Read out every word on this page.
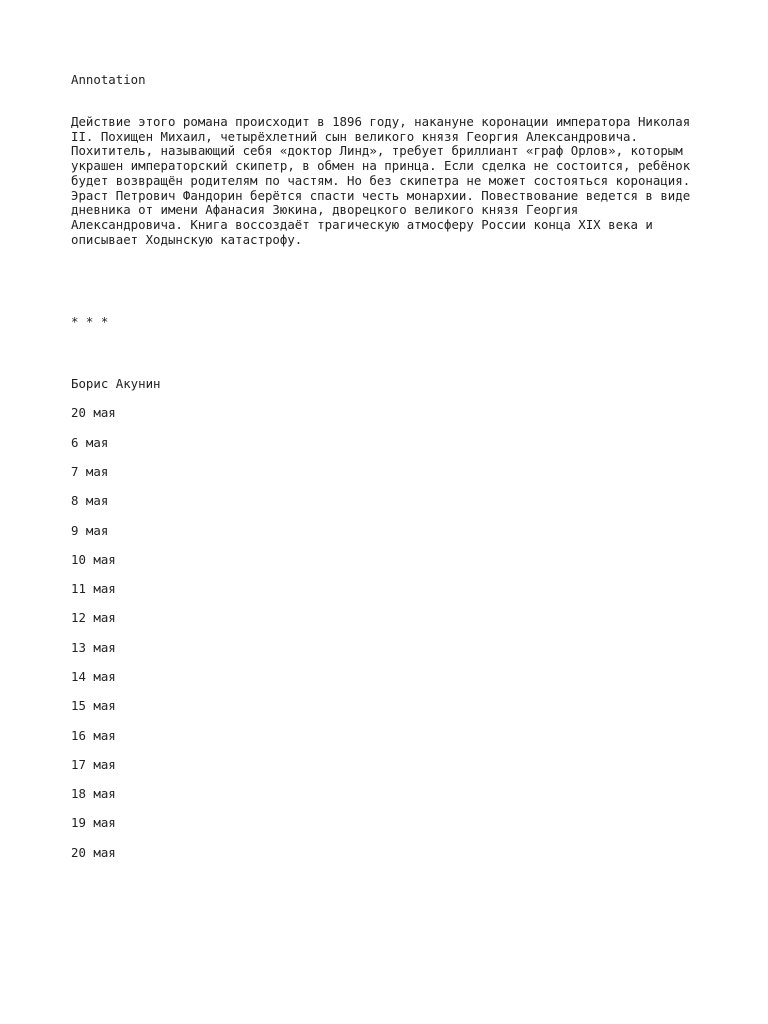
Annotation
Действие этого романа происходит в 1896 году, накануне коронации императора Николая
II. Похищен Михаил, четырёхлетний сын великого князя Георгия Александровича.
Похититель, называющий себя «доктор Линд», требует бриллиант «граф Орлов», которым
украшен императорский скипетр, в обмен на принца. Если сделка не состоится, ребёнок
будет возвращён родителям по частям. Но без скипетра не может состояться коронация.
Эраст Петрович Фандорин берётся спасти честь монархии. Повествование ведется в виде
дневника от имени Афанасия Зюкина, дворецкого великого князя Георгия
Александровича. Книга воссоздаёт трагическую атмосферу России конца XIX века и
описывает Ходынскую катастрофу.
* * *
Борис Акунин
20 мая
6 мая
7 мая
8 мая
9 мая
10 мая
11 мая
12 мая
13 мая
14 мая
15 мая
16 мая
17 мая
18 мая
19 мая
20 мая
